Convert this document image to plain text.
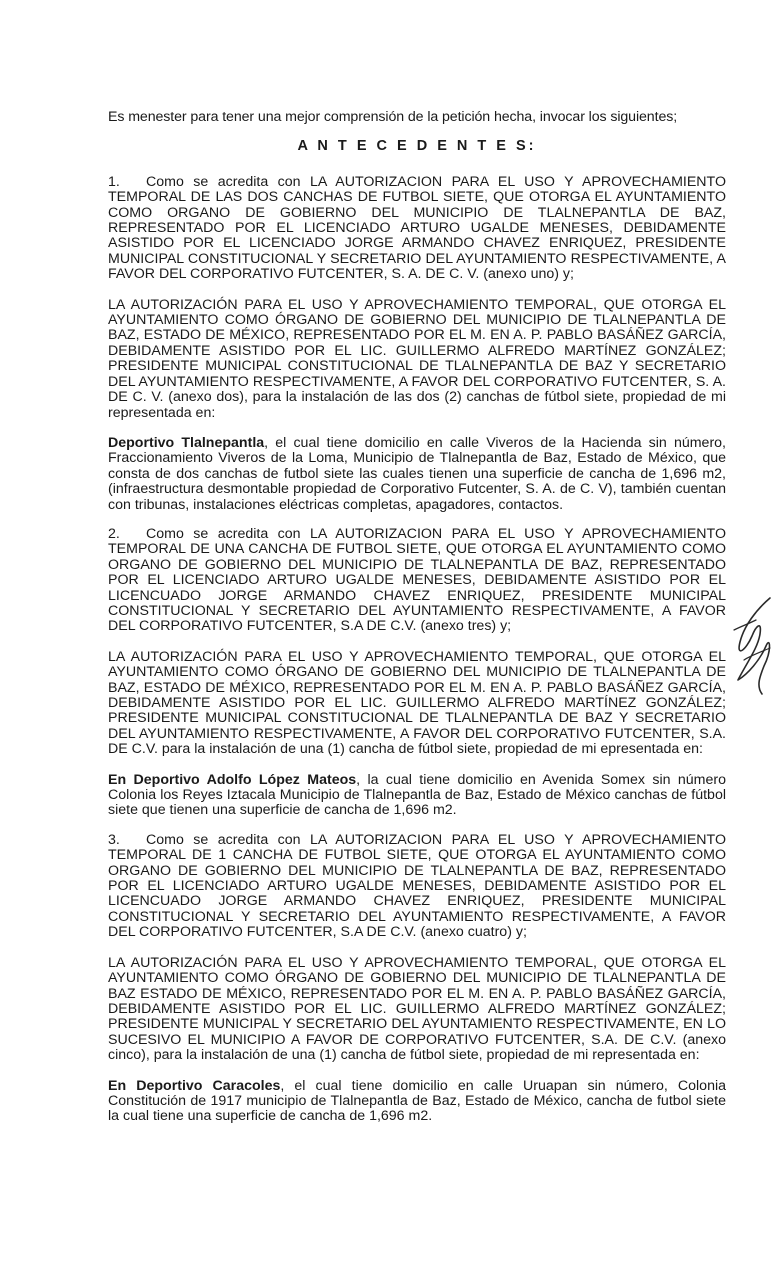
Es menester para tener una mejor comprensión de la petición hecha, invocar los siguientes;

A N T E C E D E N T E S:

1. Como se acredita con LA AUTORIZACION PARA EL USO Y APROVECHAMIENTO TEMPORAL DE LAS DOS CANCHAS DE FUTBOL SIETE, QUE OTORGA EL AYUNTAMIENTO COMO ORGANO DE GOBIERNO DEL MUNICIPIO DE TLALNEPANTLA DE BAZ, REPRESENTADO POR EL LICENCIADO ARTURO UGALDE MENESES, DEBIDAMENTE ASISTIDO POR EL LICENCIADO JORGE ARMANDO CHAVEZ ENRIQUEZ, PRESIDENTE MUNICIPAL CONSTITUCIONAL Y SECRETARIO DEL AYUNTAMIENTO RESPECTIVAMENTE, A FAVOR DEL CORPORATIVO FUTCENTER, S. A. DE C. V. (anexo uno) y;

LA AUTORIZACIÓN PARA EL USO Y APROVECHAMIENTO TEMPORAL, QUE OTORGA EL AYUNTAMIENTO COMO ÓRGANO DE GOBIERNO DEL MUNICIPIO DE TLALNEPANTLA DE BAZ, ESTADO DE MÉXICO, REPRESENTADO POR EL M. EN A. P. PABLO BASÁÑEZ GARCÍA, DEBIDAMENTE ASISTIDO POR EL LIC. GUILLERMO ALFREDO MARTÍNEZ GONZÁLEZ; PRESIDENTE MUNICIPAL CONSTITUCIONAL DE TLALNEPANTLA DE BAZ Y SECRETARIO DEL AYUNTAMIENTO RESPECTIVAMENTE, A FAVOR DEL CORPORATIVO FUTCENTER, S. A. DE C. V. (anexo dos), para la instalación de las dos (2) canchas de fútbol siete, propiedad de mi representada en:

Deportivo Tlalnepantla, el cual tiene domicilio en calle Viveros de la Hacienda sin número, Fraccionamiento Viveros de la Loma, Municipio de Tlalnepantla de Baz, Estado de México, que consta de dos canchas de futbol siete las cuales tienen una superficie de cancha de 1,696 m2, (infraestructura desmontable propiedad de Corporativo Futcenter, S. A. de C. V), también cuentan con tribunas, instalaciones eléctricas completas, apagadores, contactos.

2. Como se acredita con LA AUTORIZACION PARA EL USO Y APROVECHAMIENTO TEMPORAL DE UNA CANCHA DE FUTBOL SIETE, QUE OTORGA EL AYUNTAMIENTO COMO ORGANO DE GOBIERNO DEL MUNICIPIO DE TLALNEPANTLA DE BAZ, REPRESENTADO POR EL LICENCIADO ARTURO UGALDE MENESES, DEBIDAMENTE ASISTIDO POR EL LICENCUADO JORGE ARMANDO CHAVEZ ENRIQUEZ, PRESIDENTE MUNICIPAL CONSTITUCIONAL Y SECRETARIO DEL AYUNTAMIENTO RESPECTIVAMENTE, A FAVOR DEL CORPORATIVO FUTCENTER, S.A DE C.V. (anexo tres) y;

LA AUTORIZACIÓN PARA EL USO Y APROVECHAMIENTO TEMPORAL, QUE OTORGA EL AYUNTAMIENTO COMO ÓRGANO DE GOBIERNO DEL MUNICIPIO DE TLALNEPANTLA DE BAZ, ESTADO DE MÉXICO, REPRESENTADO POR EL M. EN A. P. PABLO BASÁÑEZ GARCÍA, DEBIDAMENTE ASISTIDO POR EL LIC. GUILLERMO ALFREDO MARTÍNEZ GONZÁLEZ; PRESIDENTE MUNICIPAL CONSTITUCIONAL DE TLALNEPANTLA DE BAZ Y SECRETARIO DEL AYUNTAMIENTO RESPECTIVAMENTE, A FAVOR DEL CORPORATIVO FUTCENTER, S.A. DE C.V. para la instalación de una (1) cancha de fútbol siete, propiedad de mi epresentada en:

En Deportivo Adolfo López Mateos, la cual tiene domicilio en Avenida Somex sin número Colonia los Reyes Iztacala Municipio de Tlalnepantla de Baz, Estado de México canchas de fútbol siete que tienen una superficie de cancha de 1,696 m2.

3. Como se acredita con LA AUTORIZACION PARA EL USO Y APROVECHAMIENTO TEMPORAL DE 1 CANCHA DE FUTBOL SIETE, QUE OTORGA EL AYUNTAMIENTO COMO ORGANO DE GOBIERNO DEL MUNICIPIO DE TLALNEPANTLA DE BAZ, REPRESENTADO POR EL LICENCIADO ARTURO UGALDE MENESES, DEBIDAMENTE ASISTIDO POR EL LICENCUADO JORGE ARMANDO CHAVEZ ENRIQUEZ, PRESIDENTE MUNICIPAL CONSTITUCIONAL Y SECRETARIO DEL AYUNTAMIENTO RESPECTIVAMENTE, A FAVOR DEL CORPORATIVO FUTCENTER, S.A DE C.V. (anexo cuatro) y;

LA AUTORIZACIÓN PARA EL USO Y APROVECHAMIENTO TEMPORAL, QUE OTORGA EL AYUNTAMIENTO COMO ÓRGANO DE GOBIERNO DEL MUNICIPIO DE TLALNEPANTLA DE BAZ ESTADO DE MÉXICO, REPRESENTADO POR EL M. EN A. P. PABLO BASÁÑEZ GARCÍA, DEBIDAMENTE ASISTIDO POR EL LIC. GUILLERMO ALFREDO MARTÍNEZ GONZÁLEZ; PRESIDENTE MUNICIPAL Y SECRETARIO DEL AYUNTAMIENTO RESPECTIVAMENTE, EN LO SUCESIVO EL MUNICIPIO A FAVOR DE CORPORATIVO FUTCENTER, S.A. DE C.V. (anexo cinco), para la instalación de una (1) cancha de fútbol siete, propiedad de mi representada en:

En Deportivo Caracoles, el cual tiene domicilio en calle Uruapan sin número, Colonia Constitución de 1917 municipio de Tlalnepantla de Baz, Estado de México, cancha de futbol siete la cual tiene una superficie de cancha de 1,696 m2.
